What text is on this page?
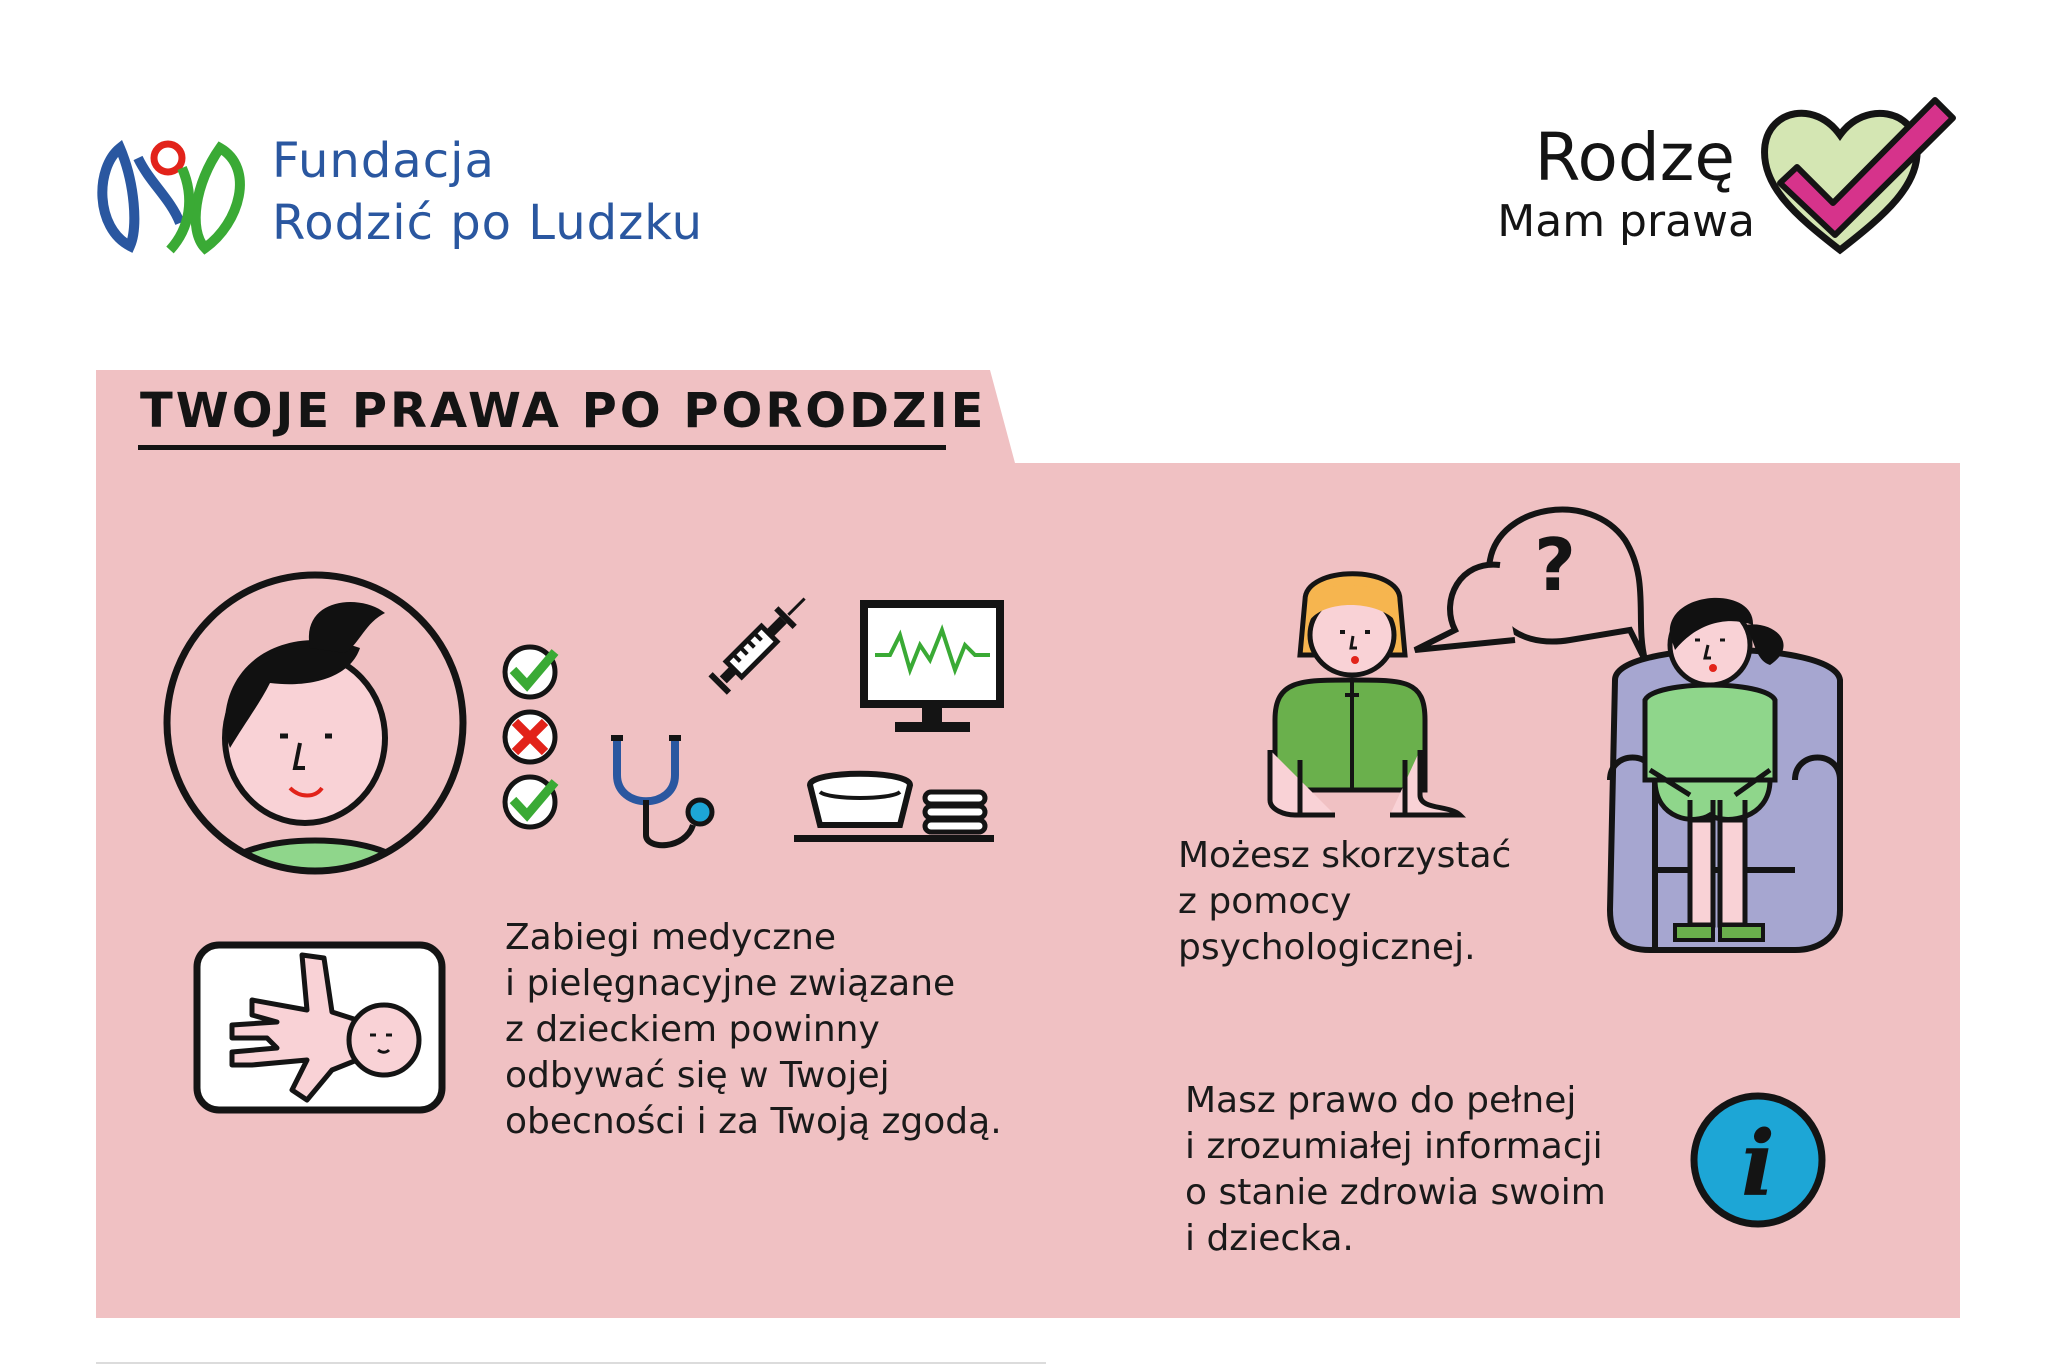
Fundacja
Rodzić po Ludzku
Rodzę
Mam prawa
TWOJE PRAWA PO PORODZIE
?
i
Zabiegi medyczne
i pielęgnacyjne związane
z dzieckiem powinny
odbywać się w Twojej
obecności i za Twoją zgodą.
Możesz skorzystać
z pomocy
psychologicznej.
Masz prawo do pełnej
i zrozumiałej informacji
o stanie zdrowia swoim
i dziecka.
